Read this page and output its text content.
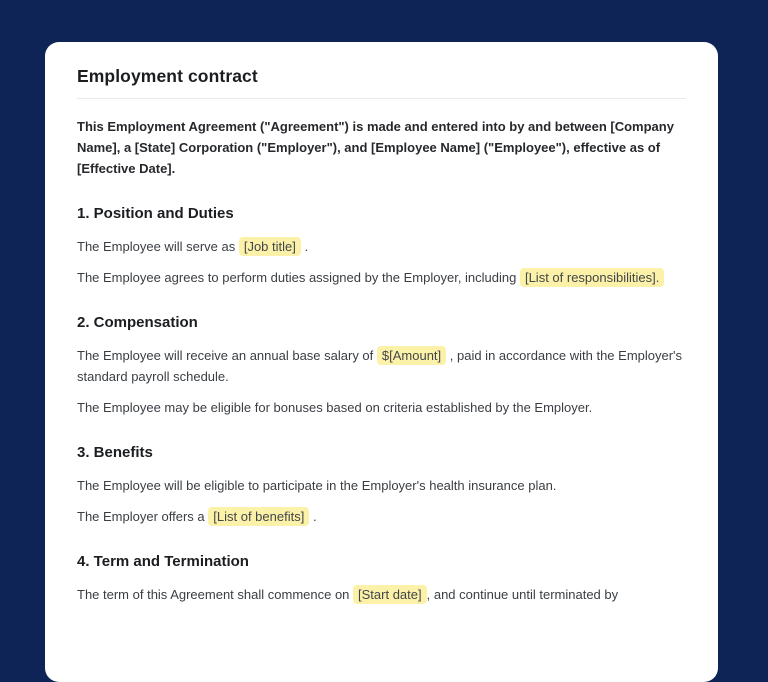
Employment contract

This Employment Agreement ("Agreement") is made and entered into by and between [Company Name], a [State] Corporation ("Employer"), and [Employee Name] ("Employee"), effective as of [Effective Date].

1. Position and Duties

The Employee will serve as [Job title] .

The Employee agrees to perform duties assigned by the Employer, including [List of responsibilities].

2. Compensation

The Employee will receive an annual base salary of $[Amount] , paid in accordance with the Employer's standard payroll schedule.

The Employee may be eligible for bonuses based on criteria established by the Employer.

3. Benefits

The Employee will be eligible to participate in the Employer's health insurance plan.

The Employer offers a [List of benefits] .

4. Term and Termination

The term of this Agreement shall commence on [Start date] , and continue until terminated by
